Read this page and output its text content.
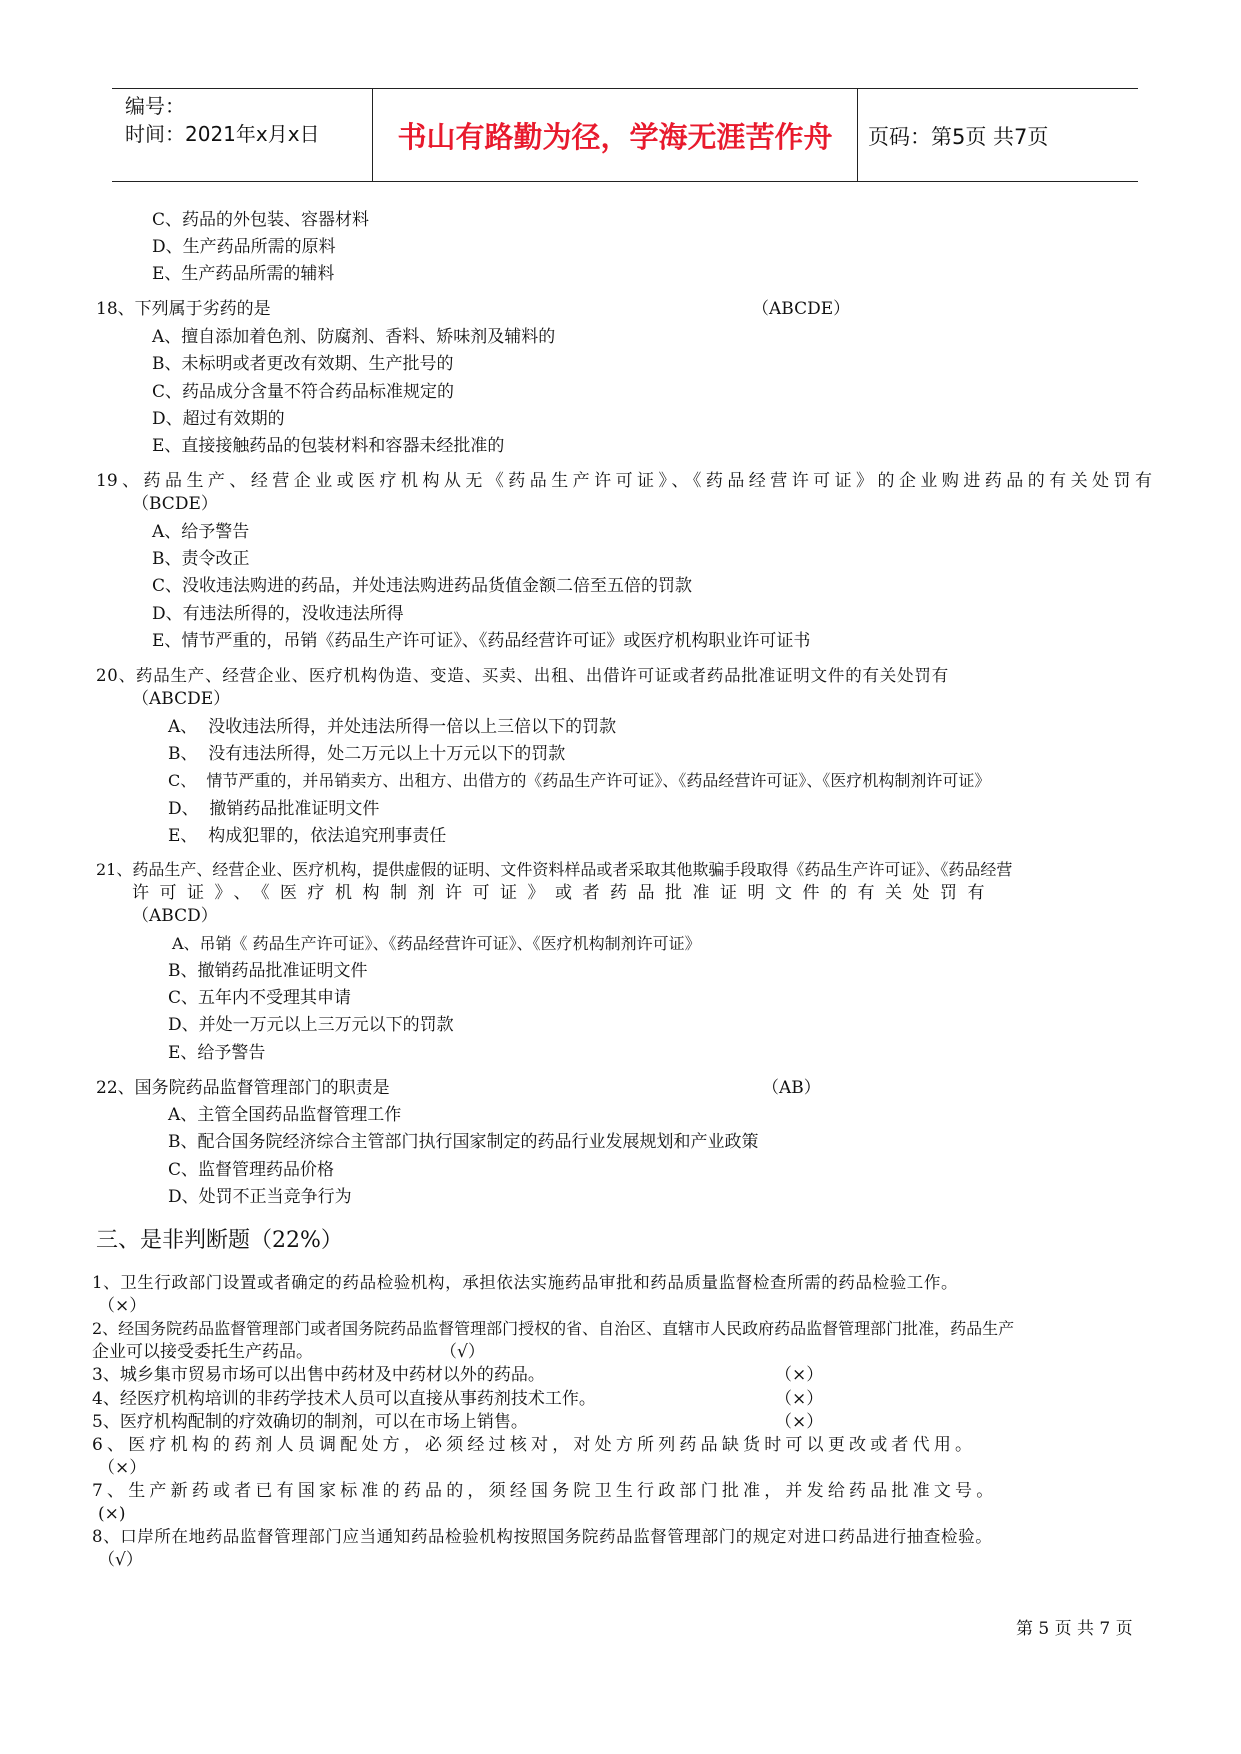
编号：
时间：2021年x月x日	书山有路勤为径，学海无涯苦作舟	页码：第5页 共7页
C、药品的外包装、容器材料
D、生产药品所需的原料
E、生产药品所需的辅料
18、下列属于劣药的是	（ABCDE）
A、擅自添加着色剂、防腐剂、香料、矫味剂及辅料的
B、未标明或者更改有效期、生产批号的
C、药品成分含量不符合药品标准规定的
D、超过有效期的
E、直接接触药品的包装材料和容器未经批准的
19、药品生产、经营企业或医疗机构从无《药品生产许可证》、《药品经营许可证》的企业购进药品的有关处罚有
（BCDE）
A、给予警告
B、责令改正
C、没收违法购进的药品，并处违法购进药品货值金额二倍至五倍的罚款
D、有违法所得的，没收违法所得
E、情节严重的，吊销《药品生产许可证》、《药品经营许可证》或医疗机构职业许可证书
20、药品生产、经营企业、医疗机构伪造、变造、买卖、出租、出借许可证或者药品批准证明文件的有关处罚有
（ABCDE）
A、  没收违法所得，并处违法所得一倍以上三倍以下的罚款
B、  没有违法所得，处二万元以上十万元以下的罚款
C、  情节严重的，并吊销卖方、出租方、出借方的《药品生产许可证》、《药品经营许可证》、《医疗机构制剂许可证》
D、  撤销药品批准证明文件
E、  构成犯罪的，依法追究刑事责任
21、药品生产、经营企业、医疗机构，提供虚假的证明、文件资料样品或者采取其他欺骗手段取得《药品生产许可证》、《药品经营
许可证》、《医疗机构制剂许可证》或者药品批准证明文件的有关处罚有
（ABCD）
A、吊销《 药品生产许可证》、《药品经营许可证》、《医疗机构制剂许可证》
B、撤销药品批准证明文件
C、五年内不受理其申请
D、并处一万元以上三万元以下的罚款
E、给予警告
22、国务院药品监督管理部门的职责是	（AB）
A、主管全国药品监督管理工作
B、配合国务院经济综合主管部门执行国家制定的药品行业发展规划和产业政策
C、监督管理药品价格
D、处罚不正当竞争行为
三、是非判断题（22%）
1、卫生行政部门设置或者确定的药品检验机构，承担依法实施药品审批和药品质量监督检查所需的药品检验工作。
（×）
2、经国务院药品监督管理部门或者国务院药品监督管理部门授权的省、自治区、直辖市人民政府药品监督管理部门批准，药品生产
企业可以接受委托生产药品。	（√）
3、城乡集市贸易市场可以出售中药材及中药材以外的药品。	（×）
4、经医疗机构培训的非药学技术人员可以直接从事药剂技术工作。	（×）
5、医疗机构配制的疗效确切的制剂，可以在市场上销售。	（×）
6、医疗机构的药剂人员调配处方，必须经过核对，对处方所列药品缺货时可以更改或者代用。
（×）
7、生产新药或者已有国家标准的药品的，须经国务院卫生行政部门批准，并发给药品批准文号。
(×)
8、口岸所在地药品监督管理部门应当通知药品检验机构按照国务院药品监督管理部门的规定对进口药品进行抽查检验。
（√）
第 5 页 共 7 页
